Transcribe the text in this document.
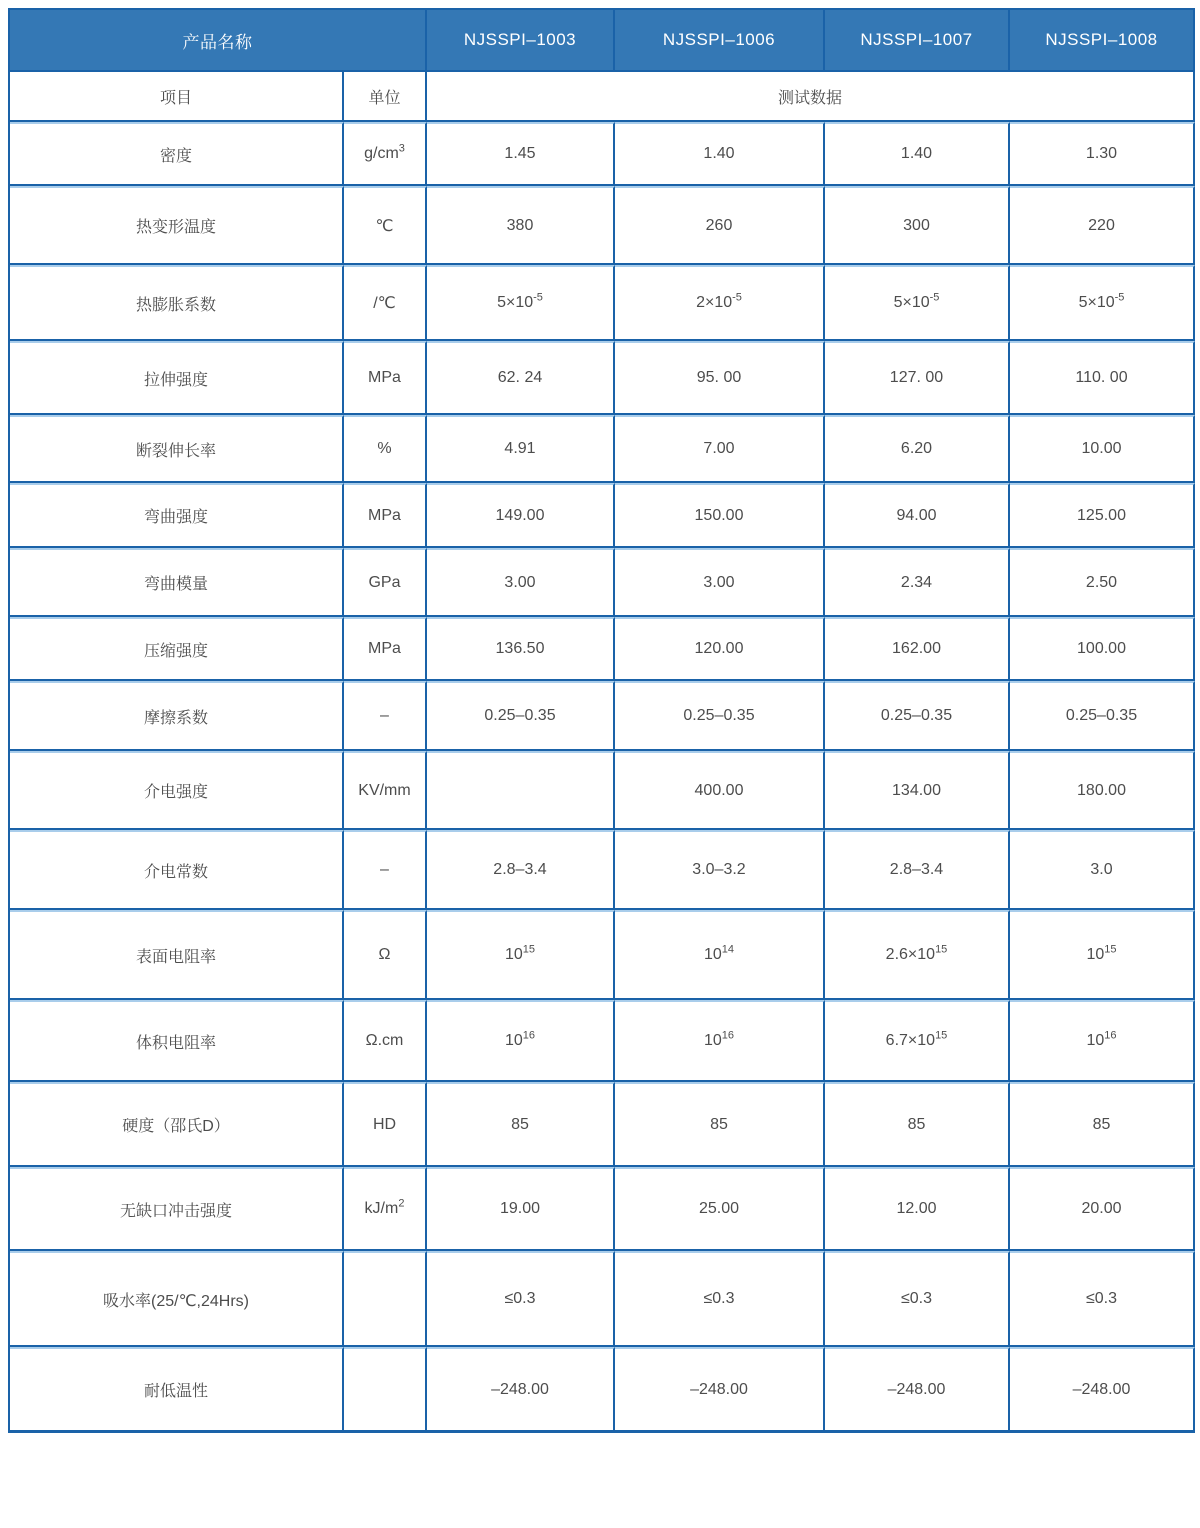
产品名称		NJSSPI–1003	NJSSPI–1006	NJSSPI–1007	NJSSPI–1008
项目	单位	测试数据			
密度	$g/cm^3$	1.45	1.40	1.40	1.30
热变形温度	℃	380	260	300	220
热膨胀系数	/℃	$5\times 10^{-5}$	$2\times 10^{-5}$	$5\times 10^{-5}$	$5\times 10^{-5}$
拉伸强度	MPa	62. 24	95. 00	127. 00	110. 00
断裂伸长率	%	4.91	7.00	6.20	10.00
弯曲强度	MPa	149.00	150.00	94.00	125.00
弯曲模量	GPa	3.00	3.00	2.34	2.50
压缩强度	MPa	136.50	120.00	162.00	100.00
摩擦系数	–	0.25–0.35	0.25–0.35	0.25–0.35	0.25–0.35
介电强度	KV/mm		400.00	134.00	180.00
介电常数	–	2.8–3.4	3.0–3.2	2.8–3.4	3.0
表面电阻率	Ω	$10^{15}$	$10^{14}$	$2.6\times 10^{15}$	$10^{15}$
体积电阻率	Ω.cm	$10^{16}$	$10^{16}$	$6.7\times 10^{15}$	$10^{16}$
硬度（邵氏D）	HD	85	85	85	85
无缺口冲击强度	$kJ/m^2$	19.00	25.00	12.00	20.00
吸水率(25/℃,24Hrs)		≤0.3	≤0.3	≤0.3	≤0.3
耐低温性		–248.00	–248.00	–248.00	–248.00
